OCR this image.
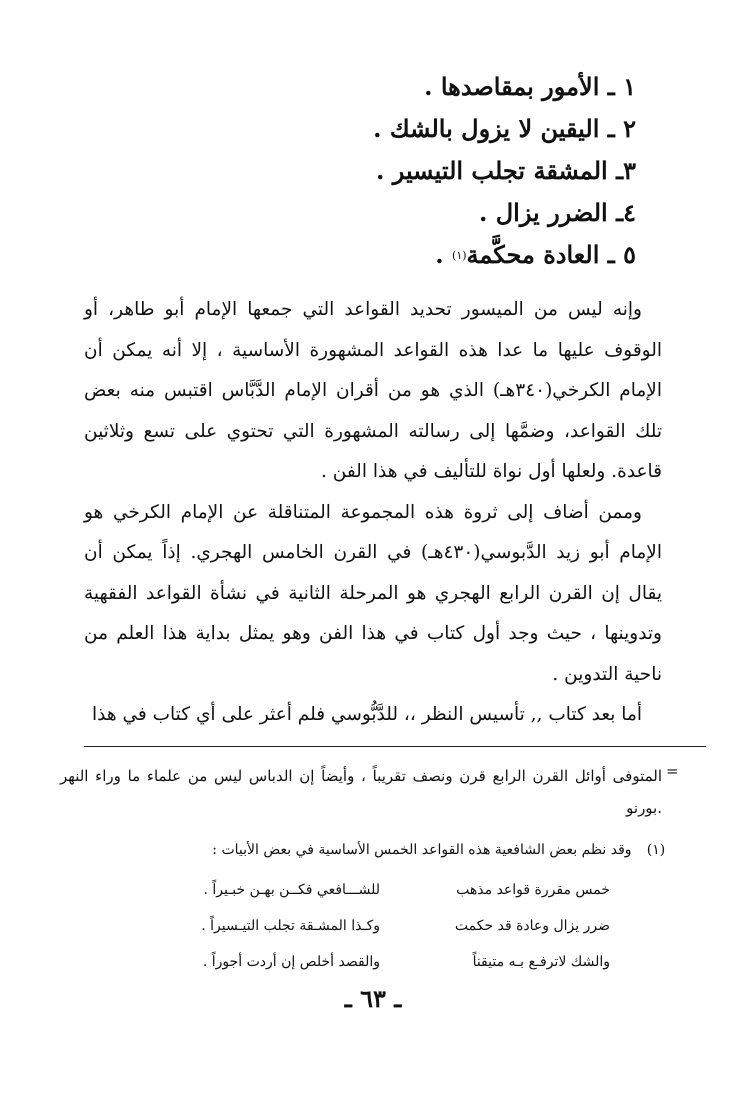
١ ـ الأمور بمقاصدها .
٢ ـ اليقين لا يزول بالشك .
٣ـ المشقة تجلب التيسير .
٤ـ الضرر يزال .
٥ ـ العادة محكَّمة(١) .

وإنه ليس من الميسور تحديد القواعد التي جمعها الإمام أبو طاهر، أو الوقوف عليها ما عدا هذه القواعد المشهورة الأساسية ، إلا أنه يمكن أن الإمام الكرخي(٣٤٠هـ) الذي هو من أقران الإمام الدَّبَّاس اقتبس منه بعض تلك القواعد، وضمَّها إلى رسالته المشهورة التي تحتوي على تسع وثلاثين قاعدة. ولعلها أول نواة للتأليف في هذا الفن .

وممن أضاف إلى ثروة هذه المجموعة المتناقلة عن الإمام الكرخي هو الإمام أبو زيد الدَّبوسي(٤٣٠هـ) في القرن الخامس الهجري. إذاً يمكن أن يقال إن القرن الرابع الهجري هو المرحلة الثانية في نشأة القواعد الفقهية وتدوينها ، حيث وجد أول كتاب في هذا الفن وهو يمثل بداية هذا العلم من ناحية التدوين .

أما بعد كتاب ,, تأسيس النظر ،، للدَّبُّوسي فلم أعثر على أي كتاب في هذا

=
المتوفى أوائل القرن الرابع قرن ونصف تقريباً ، وأيضاً إن الدباس ليس من علماء ما وراء النهر .بورنو
(١) وقد نظم بعض الشافعية هذه القواعد الخمس الأساسية في بعض الأبيات :
خمس مقررة قواعد مذهب
للشـــافعي فكــن بهـن خبـيراً .
ضرر يزال وعادة قد حكمت
وكـذا المشـقة تجلب التيـسيراً .
والشك لاترفـع بـه متيقناً
والقصد أخلص إن أردت أجوراً .
ـ ٦٣ ـ
